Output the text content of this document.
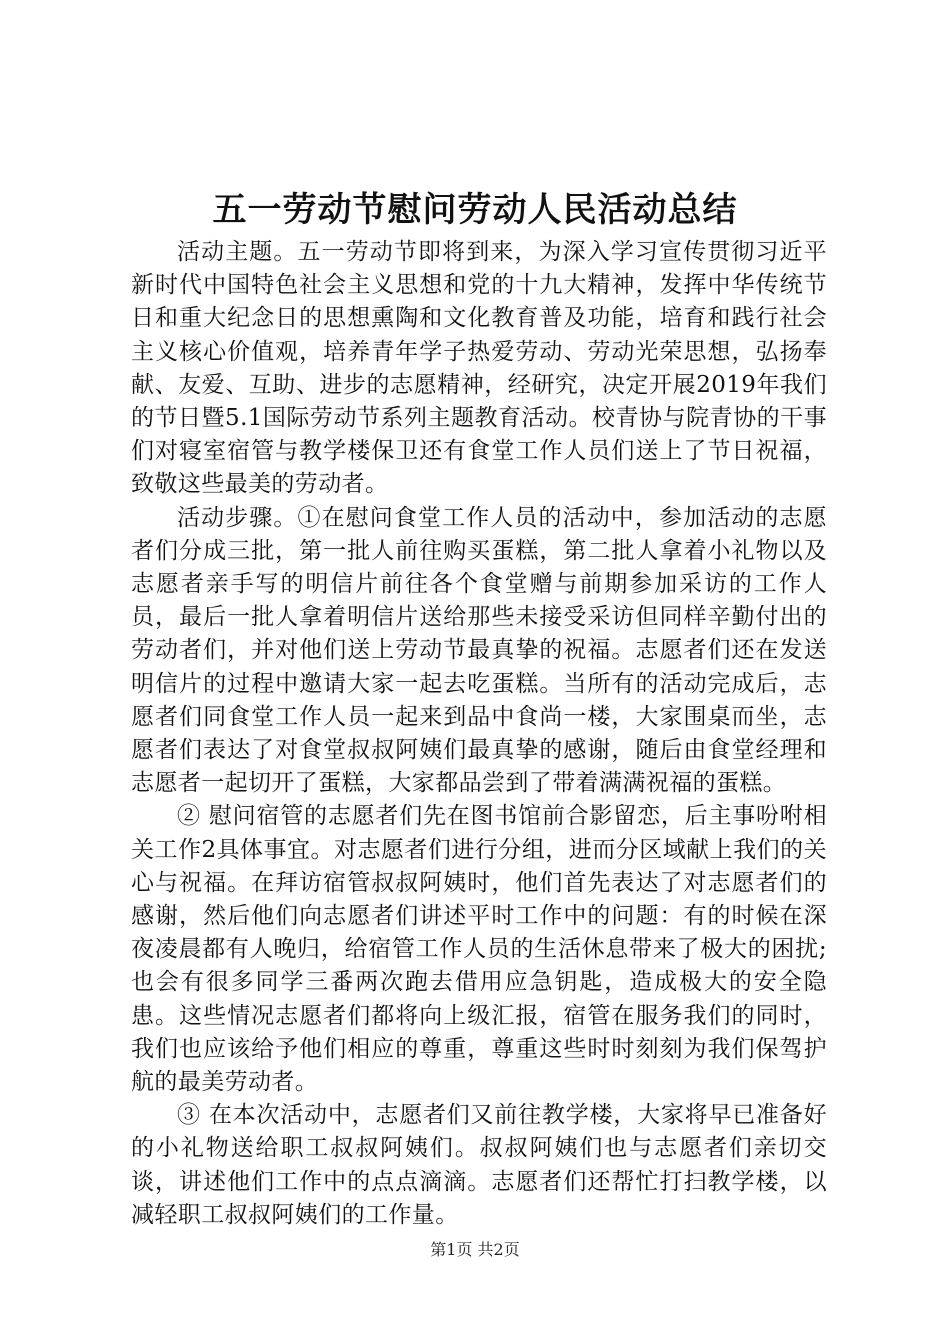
五一劳动节慰问劳动人民活动总结

活动主题。五一劳动节即将到来，为深入学习宣传贯彻习近平新时代中国特色社会主义思想和党的十九大精神，发挥中华传统节日和重大纪念日的思想熏陶和文化教育普及功能，培育和践行社会主义核心价值观，培养青年学子热爱劳动、劳动光荣思想，弘扬奉献、友爱、互助、进步的志愿精神，经研究，决定开展2019年我们的节日暨5.1国际劳动节系列主题教育活动。校青协与院青协的干事们对寝室宿管与教学楼保卫还有食堂工作人员们送上了节日祝福，致敬这些最美的劳动者。

活动步骤。①在慰问食堂工作人员的活动中，参加活动的志愿者们分成三批，第一批人前往购买蛋糕，第二批人拿着小礼物以及志愿者亲手写的明信片前往各个食堂赠与前期参加采访的工作人员，最后一批人拿着明信片送给那些未接受采访但同样辛勤付出的劳动者们，并对他们送上劳动节最真挚的祝福。志愿者们还在发送明信片的过程中邀请大家一起去吃蛋糕。当所有的活动完成后，志愿者们同食堂工作人员一起来到品中食尚一楼，大家围桌而坐，志愿者们表达了对食堂叔叔阿姨们最真挚的感谢，随后由食堂经理和志愿者一起切开了蛋糕，大家都品尝到了带着满满祝福的蛋糕。

② 慰问宿管的志愿者们先在图书馆前合影留恋，后主事吩咐相关工作2具体事宜。对志愿者们进行分组，进而分区域献上我们的关心与祝福。在拜访宿管叔叔阿姨时，他们首先表达了对志愿者们的感谢，然后他们向志愿者们讲述平时工作中的问题：有的时候在深夜凌晨都有人晚归，给宿管工作人员的生活休息带来了极大的困扰;也会有很多同学三番两次跑去借用应急钥匙，造成极大的安全隐患。这些情况志愿者们都将向上级汇报，宿管在服务我们的同时，我们也应该给予他们相应的尊重，尊重这些时时刻刻为我们保驾护航的最美劳动者。

③ 在本次活动中，志愿者们又前往教学楼，大家将早已准备好的小礼物送给职工叔叔阿姨们。叔叔阿姨们也与志愿者们亲切交谈，讲述他们工作中的点点滴滴。志愿者们还帮忙打扫教学楼，以减轻职工叔叔阿姨们的工作量。

第1页 共2页
